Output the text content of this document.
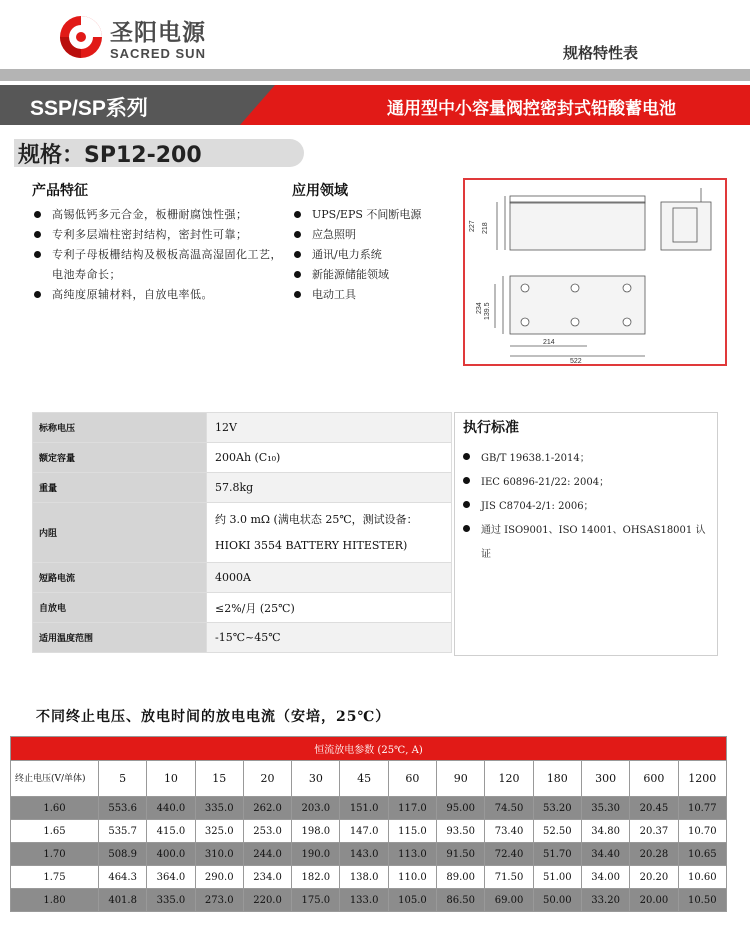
圣阳电源
SACRED SUN	规格特性表
SSP/SP系列	通用型中小容量阀控密封式铅酸蓄电池
规格：SP12-200
产品特征
高锡低钙多元合金，板栅耐腐蚀性强；
专利多层端柱密封结构，密封性可靠；
专利子母板栅结构及极板高温高湿固化工艺，电池寿命长；
高纯度原辅材料，自放电率低。
应用领域
UPS/EPS 不间断电源
应急照明
通讯/电力系统
新能源储能领域
电动工具
227 218
234 139.5
214
522
标称电压	12V
额定容量	200Ah (C₁₀)
重量	57.8kg
内阻	约 3.0 mΩ (满电状态 25℃，测试设备：
HIOKI 3554 BATTERY HITESTER)

短路电流	4000A
自放电	≤2%/月 (25℃)
适用温度范围	-15℃~45℃
执行标准
GB/T 19638.1-2014；
IEC 60896-21/22: 2004；
JIS C8704-2/1: 2006；
通过 ISO9001、ISO 14001、OHSAS18001 认证
不同终止电压、放电时间的放电电流（安培，25℃）
恒流放电参数 (25℃, A)													
终止电压(V/单体)	5	10	15	20	30	45	60	90	120	180	300	600	1200
1.60	553.6	440.0	335.0	262.0	203.0	151.0	117.0	95.00	74.50	53.20	35.30	20.45	10.77
1.65	535.7	415.0	325.0	253.0	198.0	147.0	115.0	93.50	73.40	52.50	34.80	20.37	10.70
1.70	508.9	400.0	310.0	244.0	190.0	143.0	113.0	91.50	72.40	51.70	34.40	20.28	10.65
1.75	464.3	364.0	290.0	234.0	182.0	138.0	110.0	89.00	71.50	51.00	34.00	20.20	10.60
1.80	401.8	335.0	273.0	220.0	175.0	133.0	105.0	86.50	69.00	50.00	33.20	20.00	10.50
